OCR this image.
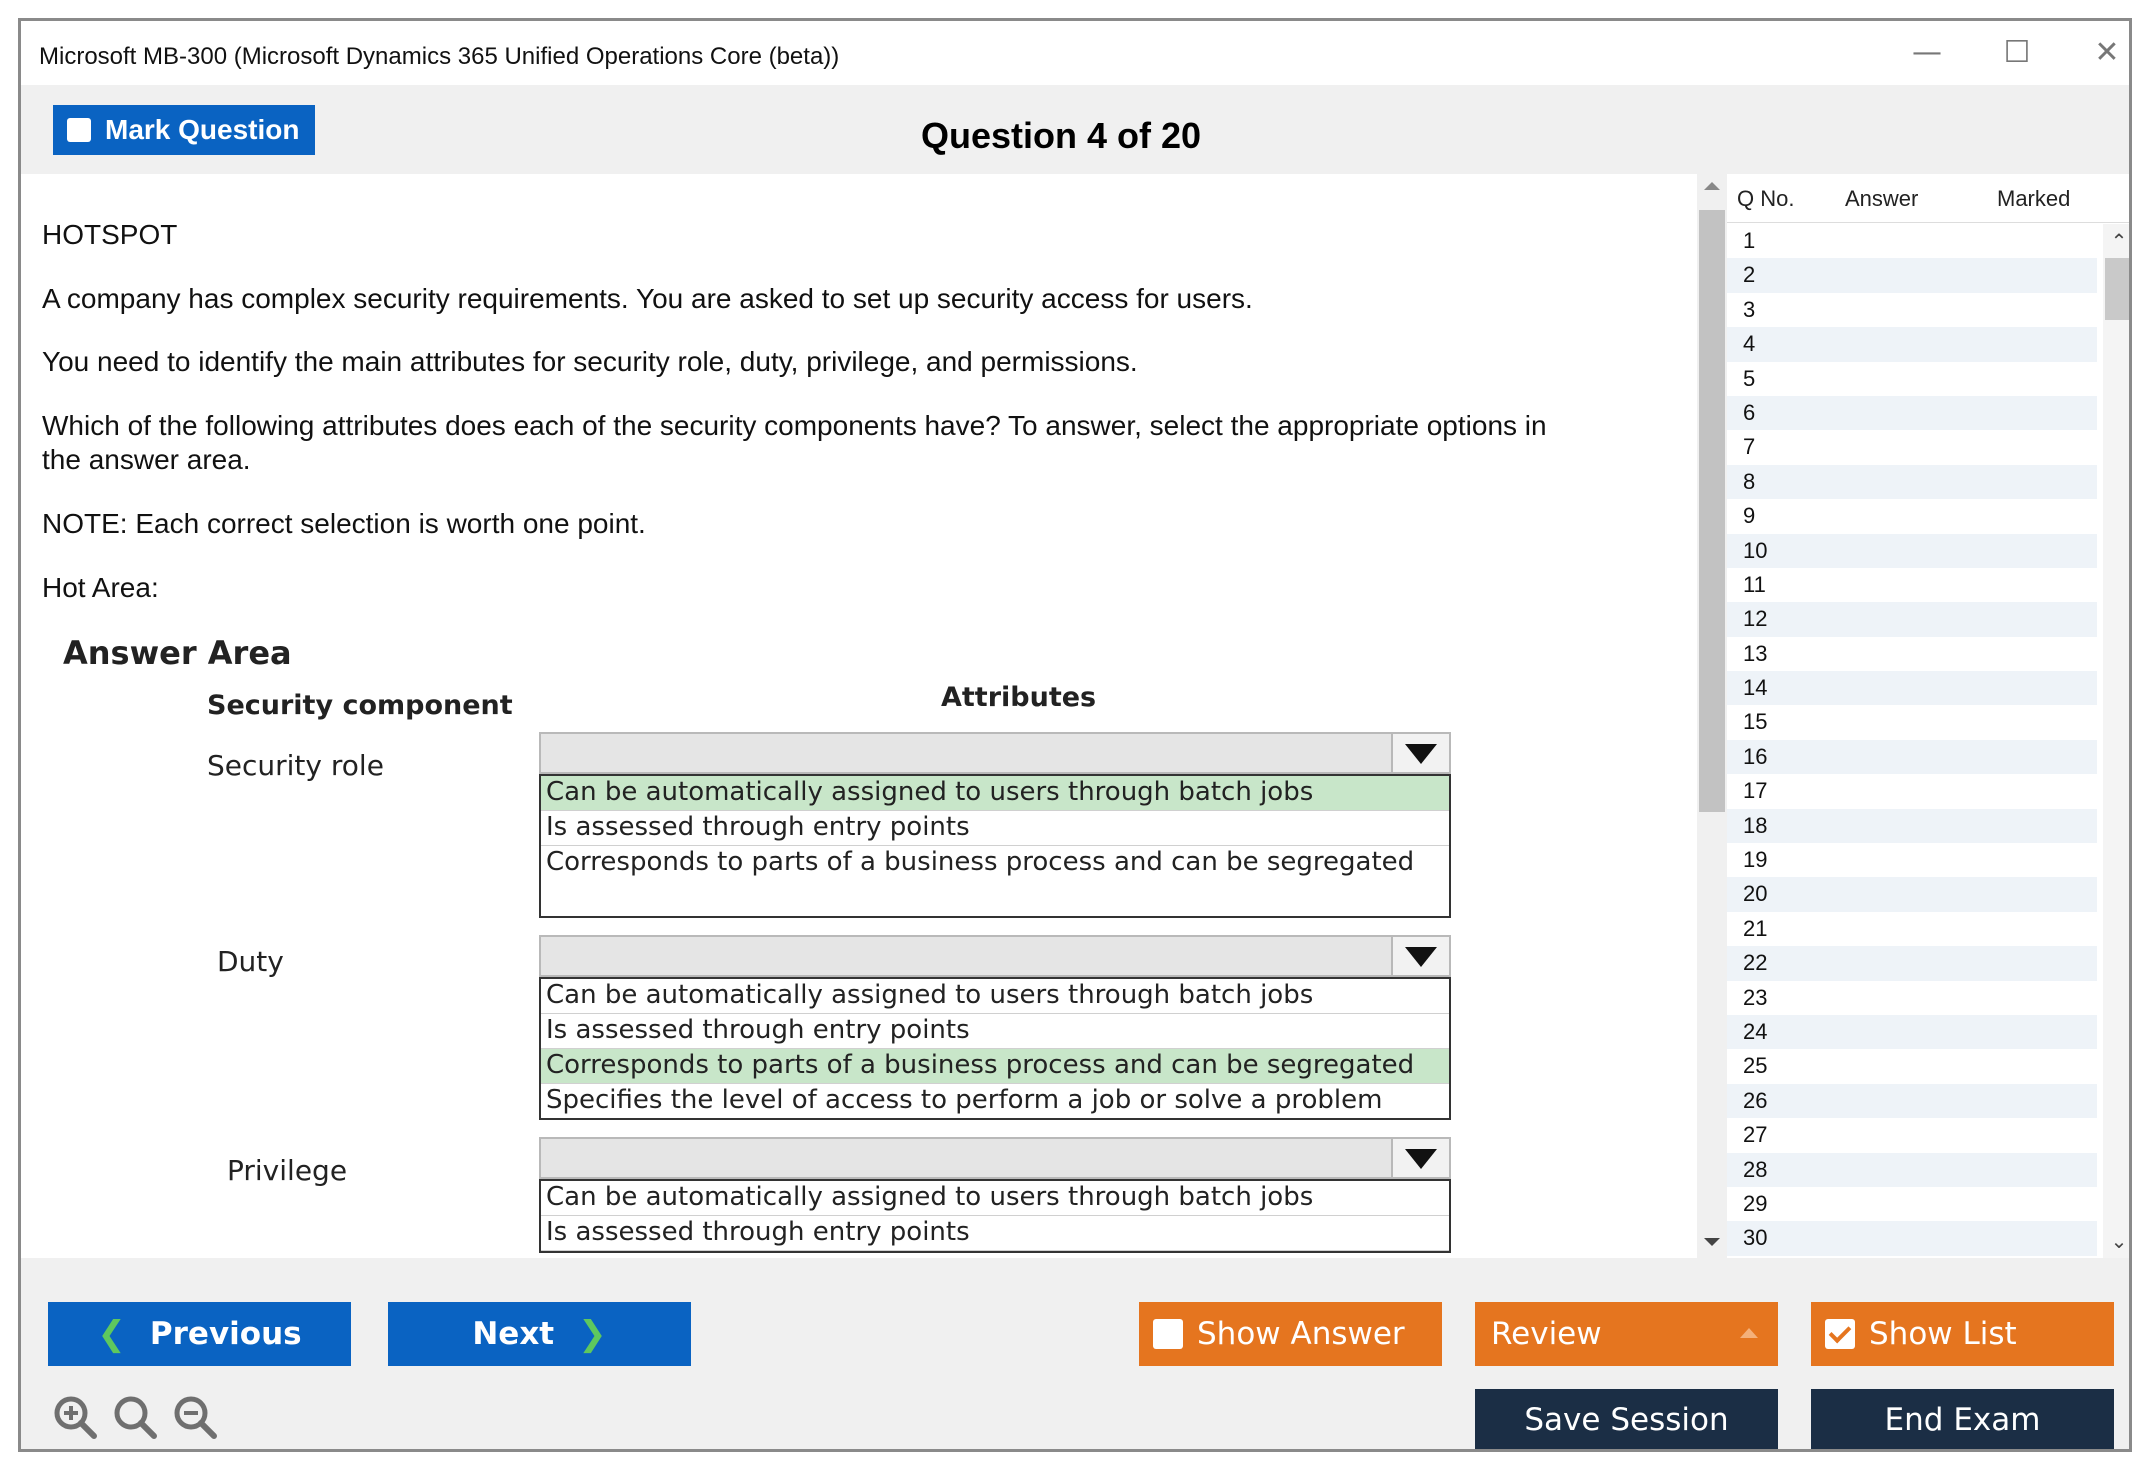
Microsoft MB-300 (Microsoft Dynamics 365 Unified Operations Core (beta))	—	☐	✕
Mark Question	Question 4 of 20

HOTSPOT

A company has complex security requirements. You are asked to set up security access for users.

You need to identify the main attributes for security role, duty, privilege, and permissions.

Which of the following attributes does each of the security components have? To answer, select the appropriate options in

the answer area.

NOTE: Each correct selection is worth one point.

Hot Area:

Answer Area
Security component	Attributes
Security role
Can be automatically assigned to users through batch jobs
Is assessed through entry points
Corresponds to parts of a business process and can be segregated
Duty
Can be automatically assigned to users through batch jobs
Is assessed through entry points
Corresponds to parts of a business process and can be segregated
Specifies the level of access to perform a job or solve a problem
Privilege
Can be automatically assigned to users through batch jobs
Is assessed through entry points
Q No. Answer	Marked
1
2
3
4
5
6
7
8
9
10
11
12
13
14
15
16
17
18
19
20
21
22
23
24
25
26
27
28
29
30
⌃
⌄
❮ Previous	Next ❯	Show Answer	Review	Show List
Save Session	End Exam
